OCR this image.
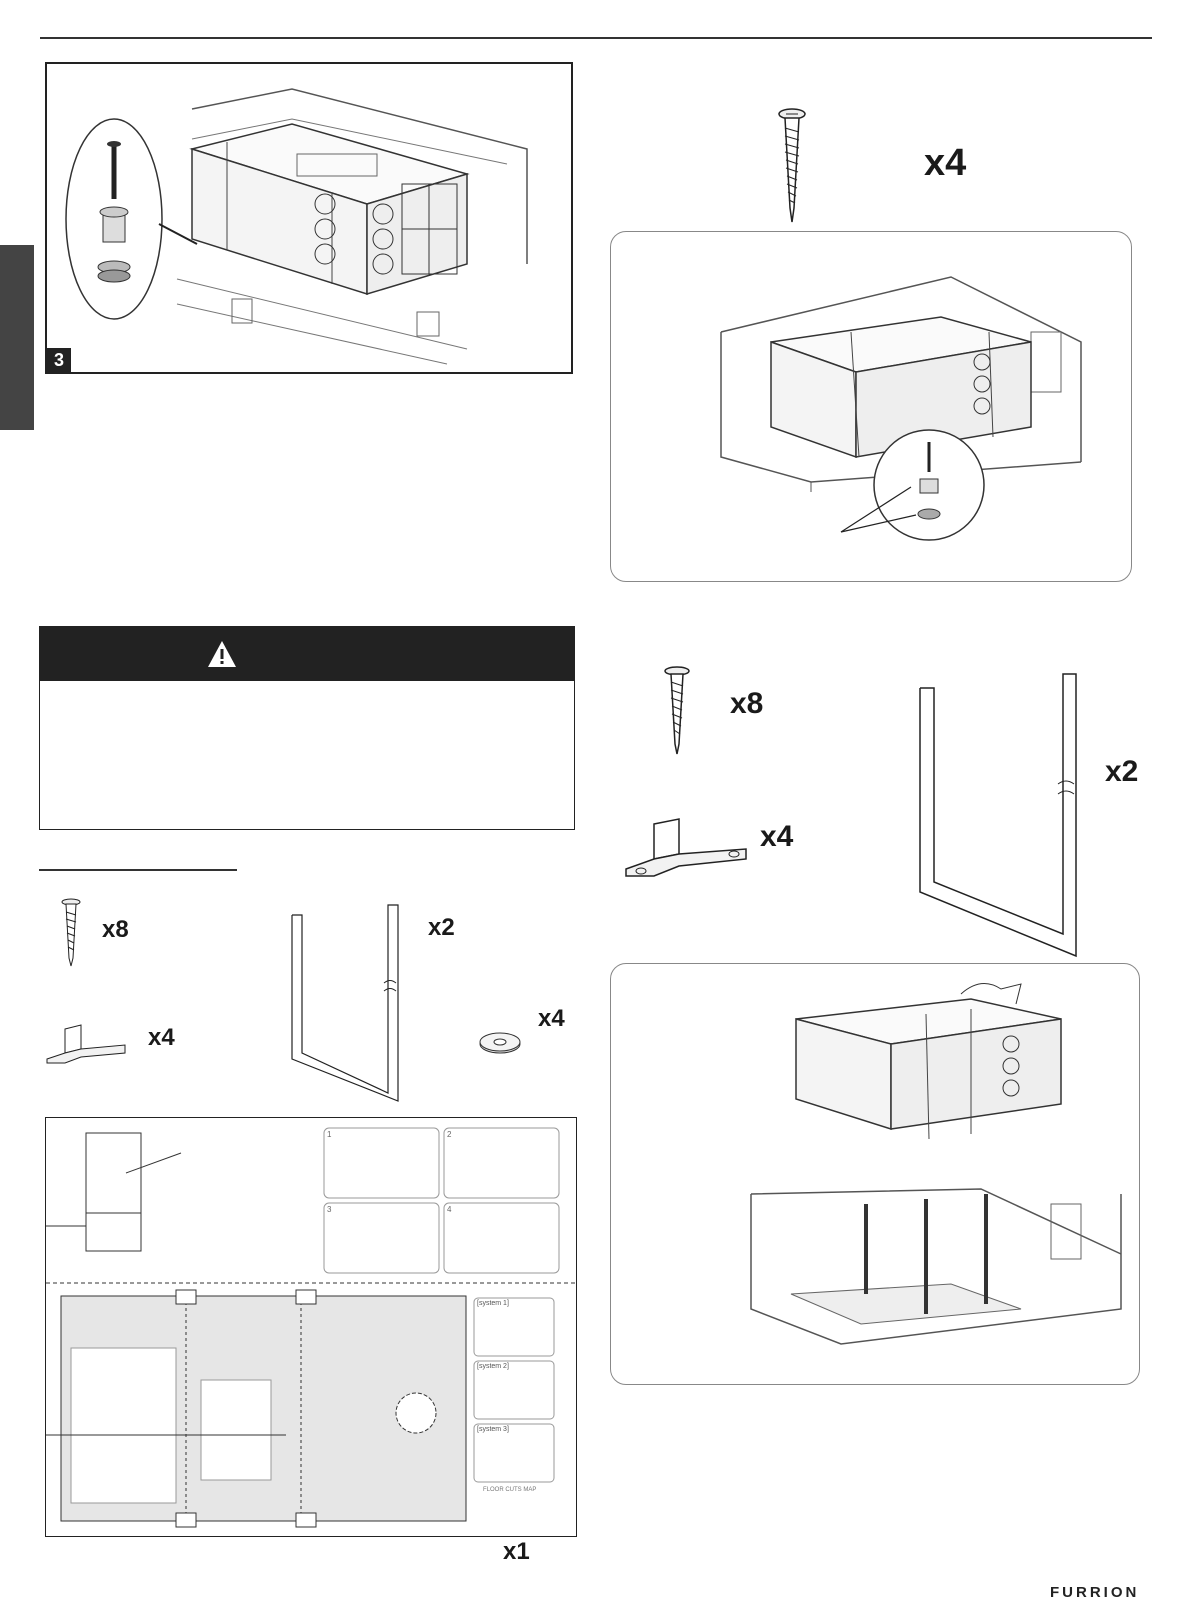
3
x4
x8
x4
x2
x8
x4
x2
x4
1	2
3	4
[system 1]
[system 2]
[system 3]
FLOOR CUTS MAP
x1
FURRION
